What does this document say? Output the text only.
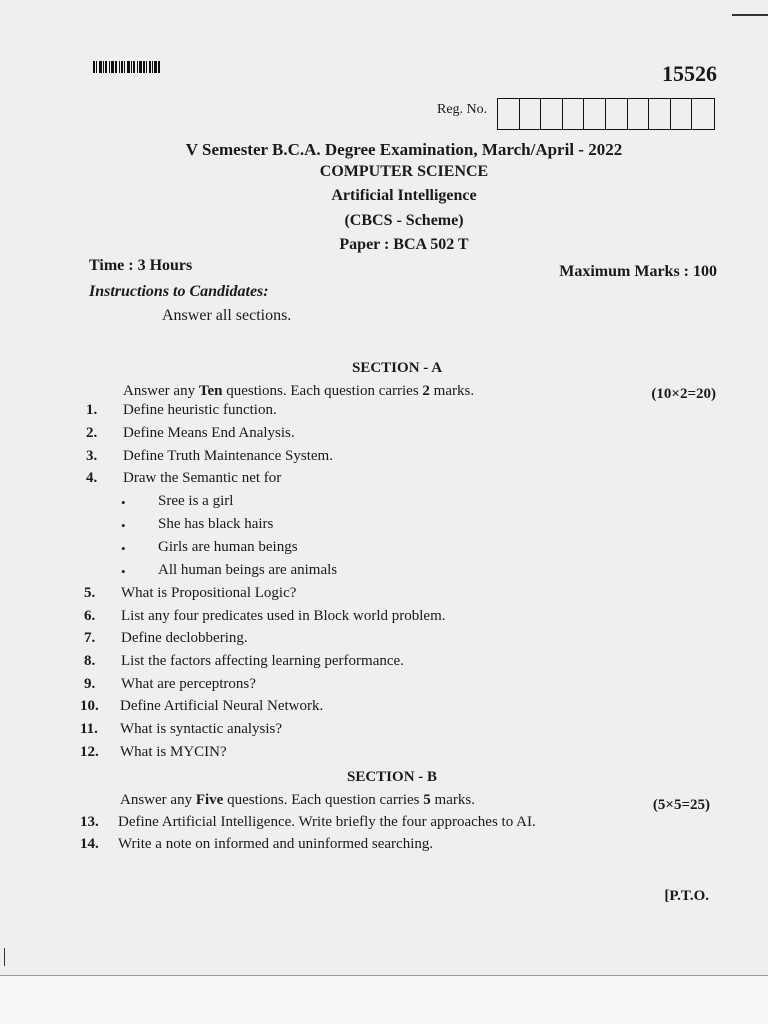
15526
Reg. No.
V Semester B.C.A. Degree Examination, March/April - 2022
COMPUTER SCIENCE
Artificial Intelligence
(CBCS - Scheme)
Paper : BCA 502 T
Time : 3 Hours	Maximum Marks : 100
Instructions to Candidates:
Answer all sections.
SECTION - A
Answer any Ten questions. Each question carries 2 marks.	(10×2=20)
1.	Define heuristic function.
2.	Define Means End Analysis.
3.	Define Truth Maintenance System.
4.	Draw the Semantic net for
• Sree is a girl
• She has black hairs
• Girls are human beings
• All human beings are animals
5.	What is Propositional Logic?
6.	List any four predicates used in Block world problem.
7.	Define declobbering.
8.	List the factors affecting learning performance.
9.	What are perceptrons?
10.	Define Artificial Neural Network.
11.	What is syntactic analysis?
12.	What is MYCIN?
SECTION - B
Answer any Five questions. Each question carries 5 marks.	(5×5=25)
13.	Define Artificial Intelligence. Write briefly the four approaches to AI.
14.	Write a note on informed and uninformed searching.
[P.T.O.
